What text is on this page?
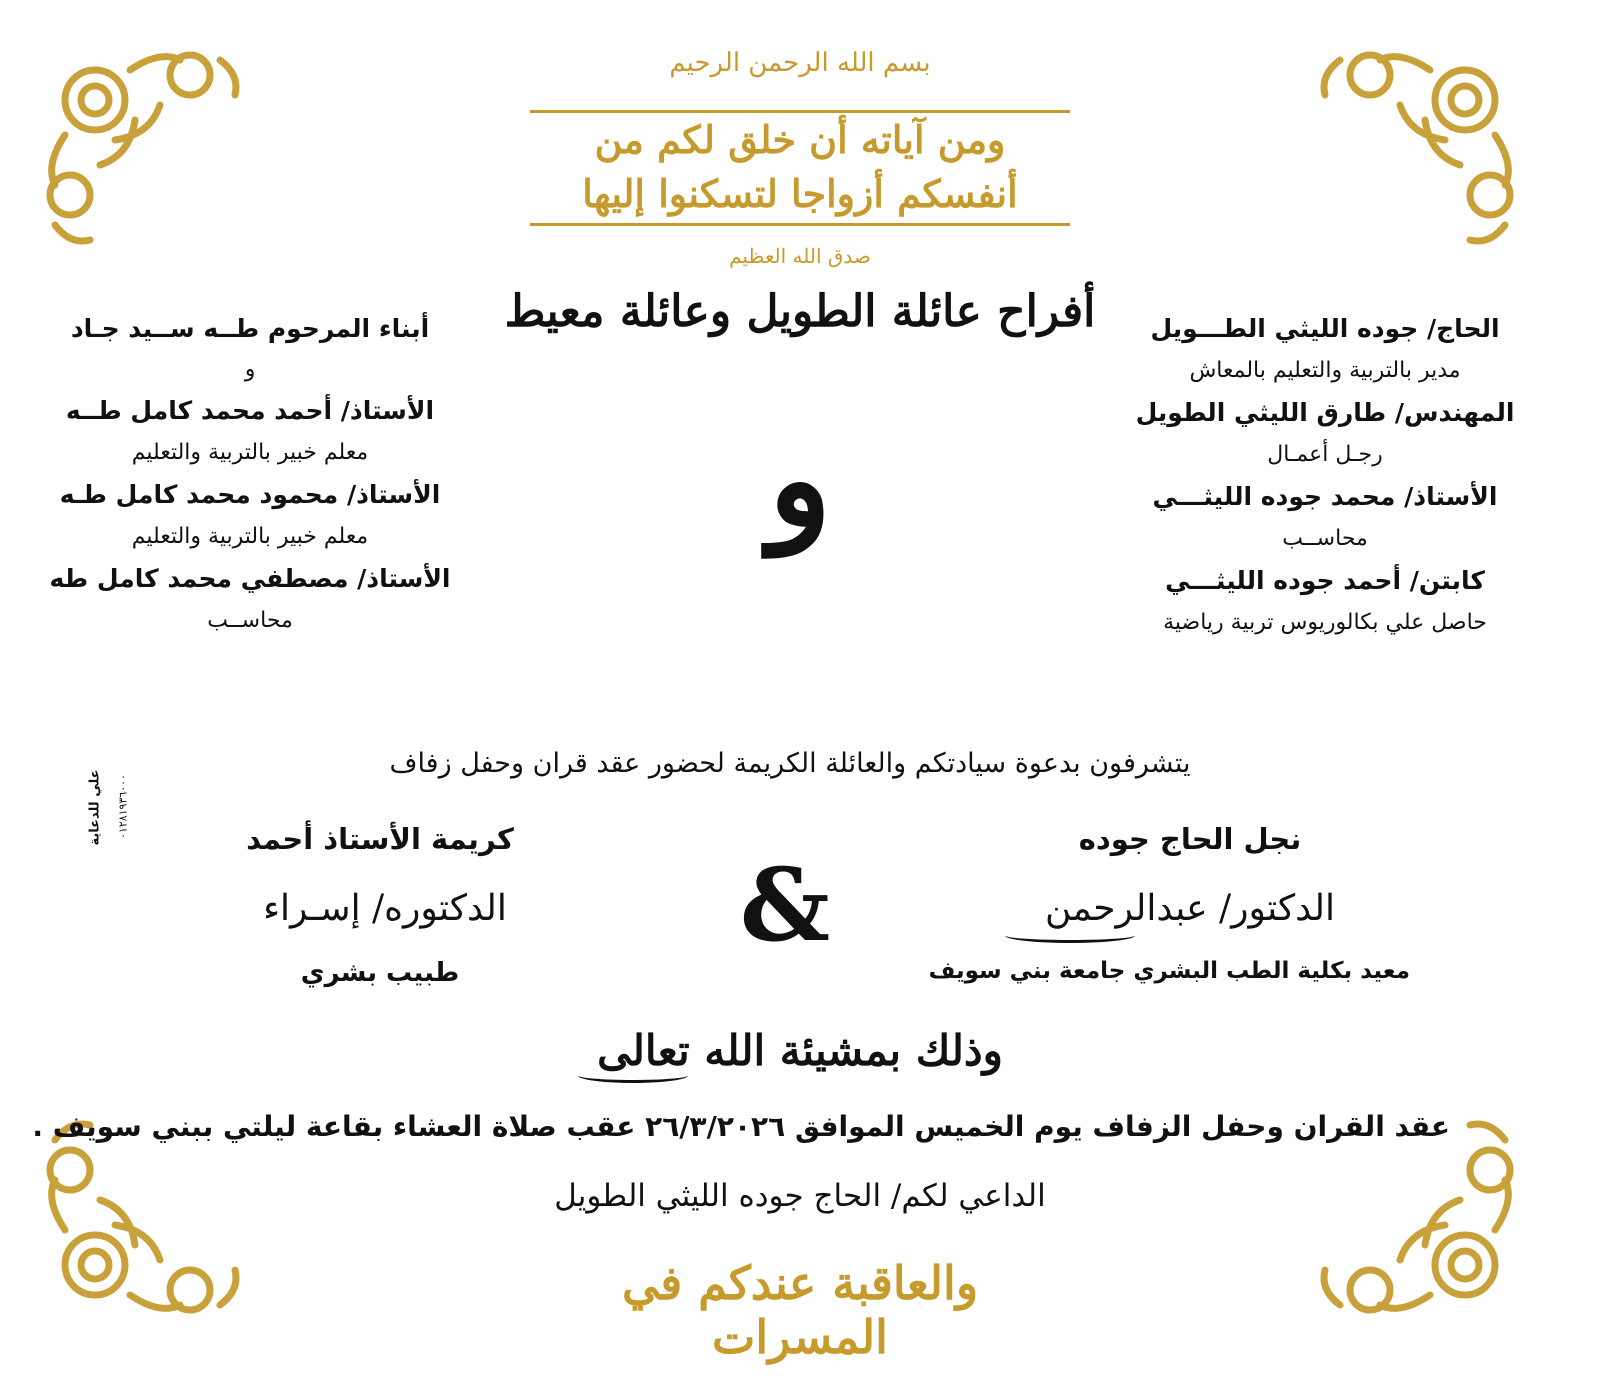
بسم الله الرحمن الرحيم
ومن آياته أن خلق لكم من أنفسكم أزواجا لتسكنوا إليها
صدق الله العظيم
أفراح عائلة الطويل وعائلة معيط
و
الحاج/ جوده الليثي الطـــويل
مدير بالتربية والتعليم بالمعاش
المهندس/ طارق الليثي الطويل
رجـل أعمـال
الأستاذ/ محمد جوده الليثـــي
محاســب
كابتن/ أحمد جوده الليثـــي
حاصل علي بكالوريوس تربية رياضية
أبناء المرحوم طــه ســيد جـاد
و
الأستاذ/ أحمد محمد كامل طــه
معلم خبير بالتربية والتعليم
الأستاذ/ محمود محمد كامل طـه
معلم خبير بالتربية والتعليم
الأستاذ/ مصطفي محمد كامل طه
محاســب
علي للدعاية ٠١٢٨١٩٣٦٠٠٠
يتشرفون بدعوة سيادتكم والعائلة الكريمة لحضور عقد قران وحفل زفاف
نجل الحاج جوده
الدكتور/ عبدالرحمن
معيد بكلية الطب البشري جامعة بني سويف
&
كريمة الأستاذ أحمد
الدكتوره/ إسـراء
طبيب بشري
وذلك بمشيئة الله تعالى
عقد القران وحفل الزفاف يوم الخميس الموافق ٢٦/٣/٢٠٢٦ عقب صلاة العشاء بقاعة ليلتي ببني سويف .
الداعي لكم/ الحاج جوده الليثي الطويل
والعاقبة عندكم في المسرات
